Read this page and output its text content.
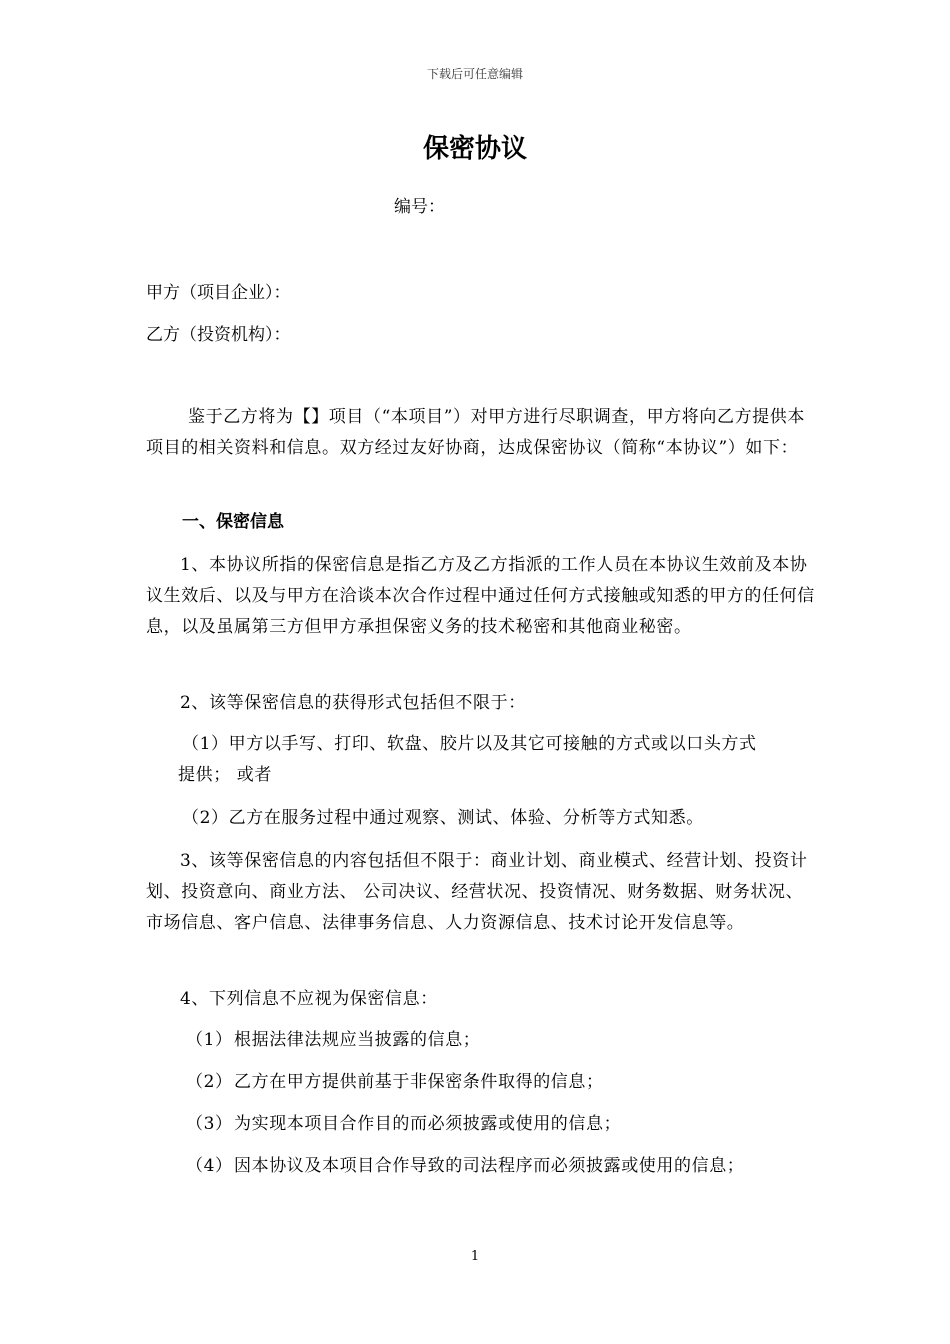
下载后可任意编辑
保密协议
编号：
甲方（项目企业）：
乙方（投资机构）：
鉴于乙方将为【】项目（“本项目”）对甲方进行尽职调查，甲方将向乙方提供本项目的相关资料和信息。双方经过友好协商，达成保密协议（简称“本协议”）如下：
一、保密信息
1、本协议所指的保密信息是指乙方及乙方指派的工作人员在本协议生效前及本协议生效后、以及与甲方在洽谈本次合作过程中通过任何方式接触或知悉的甲方的任何信息，以及虽属第三方但甲方承担保密义务的技术秘密和其他商业秘密。
2、该等保密信息的获得形式包括但不限于：
（1）甲方以手写、打印、软盘、胶片以及其它可接触的方式或以口头方式
提供； 或者
（2）乙方在服务过程中通过观察、测试、体验、分析等方式知悉。
3、该等保密信息的内容包括但不限于：商业计划、商业模式、经营计划、投资计划、投资意向、商业方法、 公司决议、经营状况、投资情况、财务数据、财务状况、市场信息、客户信息、法律事务信息、人力资源信息、技术讨论开发信息等。
4、下列信息不应视为保密信息：
（1）根据法律法规应当披露的信息；
（2）乙方在甲方提供前基于非保密条件取得的信息；
（3）为实现本项目合作目的而必须披露或使用的信息；
（4）因本协议及本项目合作导致的司法程序而必须披露或使用的信息；
1
